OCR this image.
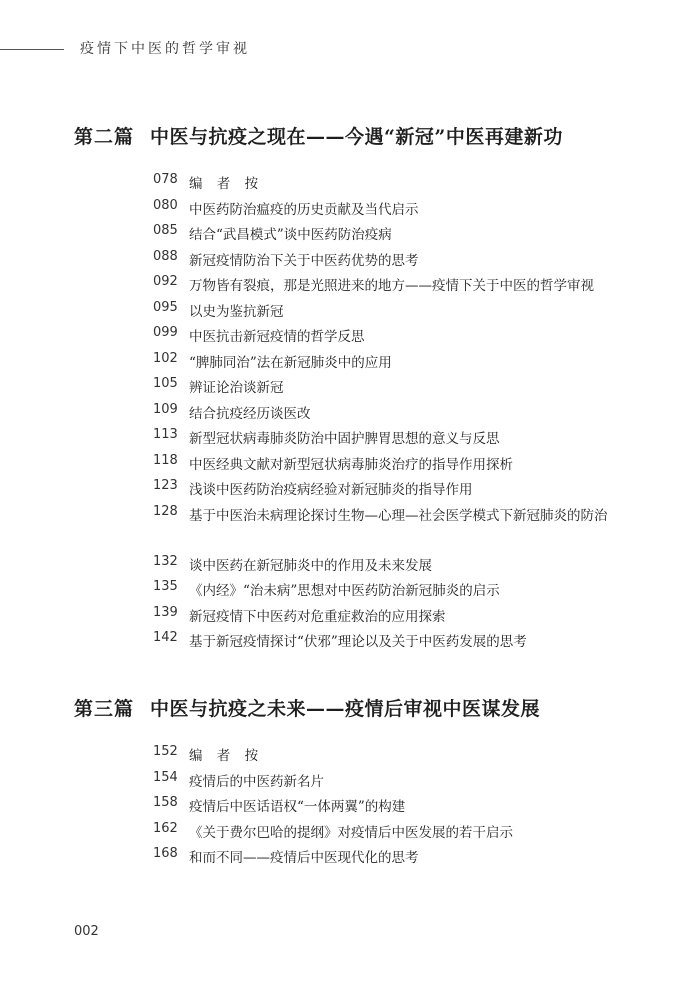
疫情下中医的哲学审视
第二篇 中医与抗疫之现在——今遇“新冠”中医再建新功
078 编 者 按
080 中医药防治瘟疫的历史贡献及当代启示
085 结合“武昌模式”谈中医药防治疫病
088 新冠疫情防治下关于中医药优势的思考
092 万物皆有裂痕，那是光照进来的地方——疫情下关于中医的哲学审视
095 以史为鉴抗新冠
099 中医抗击新冠疫情的哲学反思
102 “脾肺同治”法在新冠肺炎中的应用
105 辨证论治谈新冠
109 结合抗疫经历谈医改
113 新型冠状病毒肺炎防治中固护脾胃思想的意义与反思
118 中医经典文献对新型冠状病毒肺炎治疗的指导作用探析
123 浅谈中医药防治疫病经验对新冠肺炎的指导作用
128 基于中医治未病理论探讨生物—心理—社会医学模式下新冠肺炎的防治
132 谈中医药在新冠肺炎中的作用及未来发展
135 《内经》“治未病”思想对中医药防治新冠肺炎的启示
139 新冠疫情下中医药对危重症救治的应用探索
142 基于新冠疫情探讨“伏邪”理论以及关于中医药发展的思考
第三篇 中医与抗疫之未来——疫情后审视中医谋发展
152 编 者 按
154 疫情后的中医药新名片
158 疫情后中医话语权“一体两翼”的构建
162 《关于费尔巴哈的提纲》对疫情后中医发展的若干启示
168 和而不同——疫情后中医现代化的思考
002
